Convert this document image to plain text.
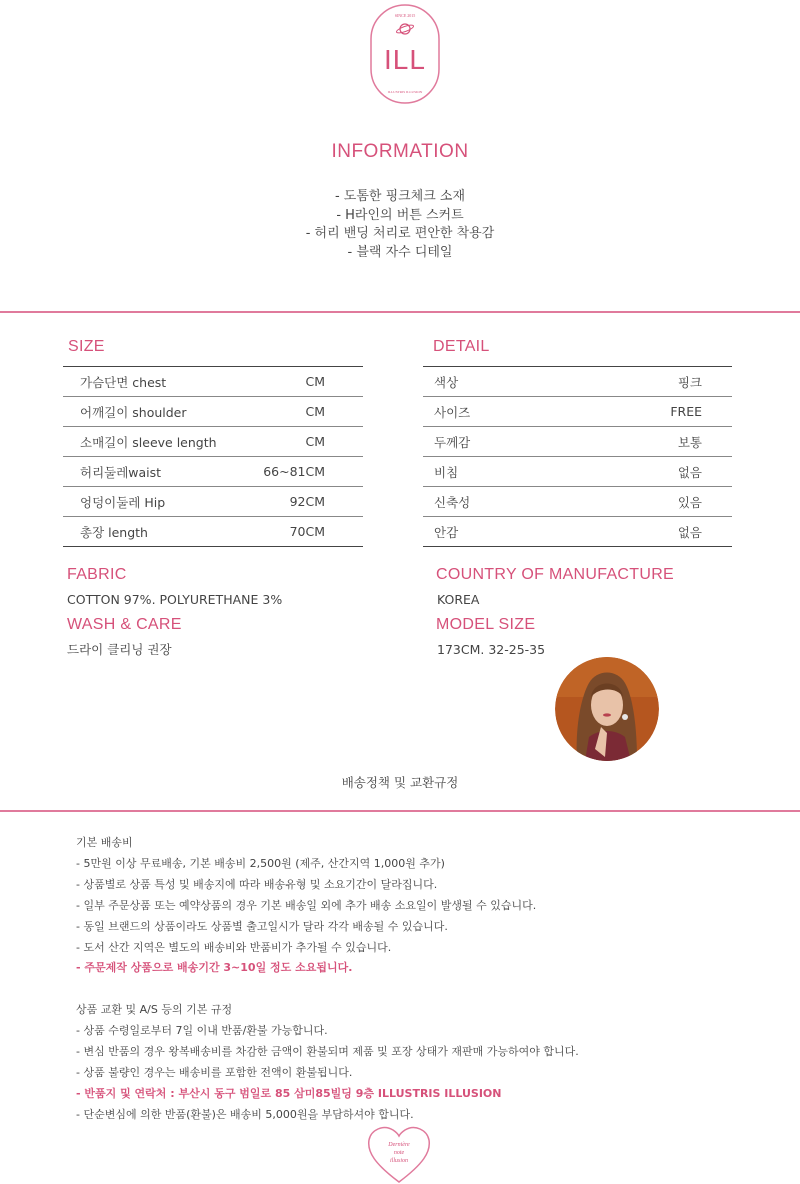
SINCE 2015
ILL
ILLUSTRIS ILLUSION
INFORMATION
- 도톰한 핑크체크 소재
- H라인의 버튼 스커트
- 허리 밴딩 처리로 편안한 착용감
- 블랙 자수 디테일
SIZE
가슴단면 chest	CM
어깨길이 shoulder	CM
소매길이 sleeve length	CM
허리둘레waist	66~81CM
엉덩이둘레 Hip	92CM
총장 length	70CM
DETAIL
색상	핑크
사이즈	FREE
두께감	보통
비침	없음
신축성	있음
안감	없음
FABRIC
COTTON 97%. POLYURETHANE 3%
WASH & CARE
드라이 클리닝 권장
COUNTRY OF MANUFACTURE
KOREA
MODEL SIZE
173CM. 32-25-35
배송정책 및 교환규정
기본 배송비
- 5만원 이상 무료배송, 기본 배송비 2,500원 (제주, 산간지역 1,000원 추가)
- 상품별로 상품 특성 및 배송지에 따라 배송유형 및 소요기간이 달라집니다.
- 일부 주문상품 또는 예약상품의 경우 기본 배송일 외에 추가 배송 소요일이 발생될 수 있습니다.
- 동일 브랜드의 상품이라도 상품별 출고일시가 달라 각각 배송될 수 있습니다.
- 도서 산간 지역은 별도의 배송비와 반품비가 추가될 수 있습니다.
- 주문제작 상품으로 배송기간 3~10일 정도 소요됩니다.
상품 교환 및 A/S 등의 기본 규정
- 상품 수령일로부터 7일 이내 반품/환불 가능합니다.
- 변심 반품의 경우 왕복배송비를 차감한 금액이 환불되며 제품 및 포장 상태가 재판매 가능하여야 합니다.
- 상품 불량인 경우는 배송비를 포함한 전액이 환불됩니다.
- 반품지 및 연락처 : 부산시 동구 범일로 85 삼미85빌딩 9층 ILLUSTRIS ILLUSION
- 단순변심에 의한 반품(환불)은 배송비 5,000원을 부담하셔야 합니다.
Dernière
note
illusion
